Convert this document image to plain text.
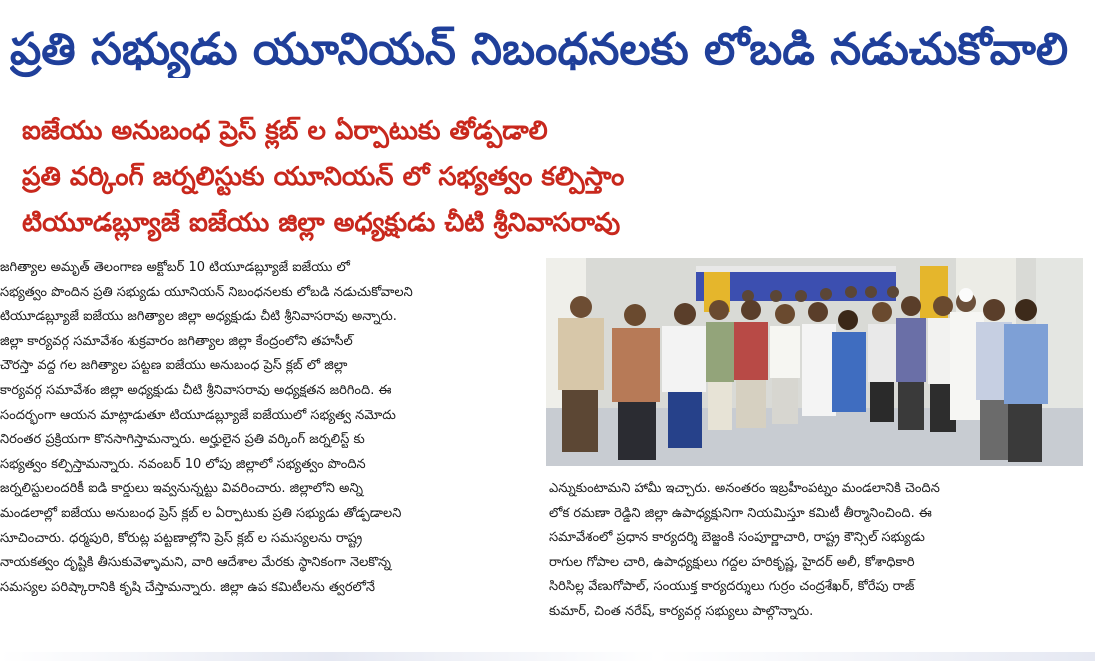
ప్రతి సభ్యుడు యూనియన్ నిబంధనలకు లోబడి నడుచుకోవాలి
ఐజేయు అనుబంధ ప్రెస్ క్లబ్ ల ఏర్పాటుకు తోడ్పడాలి
ప్రతి వర్కింగ్ జర్నలిస్టుకు యూనియన్ లో సభ్యత్వం కల్పిస్తాం
టియూడబ్ల్యూజే ఐజేయు జిల్లా అధ్యక్షుడు చీటి శ్రీనివాసరావు
జగిత్యాల అమృత్ తెలంగాణ అక్టోబర్ 10 టియూడబ్ల్యూజే ఐజేయు లో
సభ్యత్వం పొందిన ప్రతి సభ్యుడు యూనియన్ నిబంధనలకు లోబడి నడుచుకోవాలని
టియూడబ్ల్యూజే ఐజేయు జగిత్యాల జిల్లా అధ్యక్షుడు చీటి శ్రీనివాసరావు అన్నారు.
జిల్లా కార్యవర్గ సమావేశం శుక్రవారం జగిత్యాల జిల్లా కేంద్రంలోని తహసీల్
చౌరస్తా వద్ద గల జగిత్యాల పట్టణ ఐజేయు అనుబంధ ప్రెస్ క్లబ్ లో జిల్లా
కార్యవర్గ సమావేశం జిల్లా అధ్యక్షుడు చీటి శ్రీనివాసరావు అధ్యక్షతన జరిగింది. ఈ
సందర్భంగా ఆయన మాట్లాడుతూ టియూడబ్ల్యూజే ఐజేయులో సభ్యత్వ నమోదు
నిరంతర ప్రక్రియగా కొనసాగిస్తామన్నారు. అర్హులైన ప్రతి వర్కింగ్ జర్నలిస్ట్ కు
సభ్యత్వం కల్పిస్తామన్నారు. నవంబర్ 10 లోపు జిల్లాలో సభ్యత్వం పొందిన
జర్నలిస్టులందరికీ ఐడి కార్డులు ఇవ్వనున్నట్టు వివరించారు. జిల్లాలోని అన్ని
మండలాల్లో ఐజేయు అనుబంధ ప్రెస్ క్లబ్ ల ఏర్పాటుకు ప్రతి సభ్యుడు తోడ్పడాలని
సూచించారు. ధర్మపురి, కోరుట్ల పట్టణాల్లోని ప్రెస్ క్లబ్ ల సమస్యలను రాష్ట్ర
నాయకత్వం దృష్టికి తీసుకువెళ్ళామని, వారి ఆదేశాల మేరకు స్థానికంగా నెలకొన్న
సమస్యల పరిష్కారానికి కృషి చేస్తామన్నారు. జిల్లా ఉప కమిటీలను త్వరలోనే
ఎన్నుకుంటామని హామీ ఇచ్చారు. అనంతరం ఇబ్రహీంపట్నం మండలానికి చెందిన
లోక రమణా రెడ్డిని జిల్లా ఉపాధ్యక్షునిగా నియమిస్తూ కమిటీ తీర్మానించింది. ఈ
సమావేశంలో ప్రధాన కార్యదర్శి బెజ్జంకి సంపూర్ణాచారి, రాష్ట్ర కౌన్సిల్ సభ్యుడు
రాగుల గోపాల చారి, ఉపాధ్యక్షులు గద్దల హరికృష్ణ, హైదర్ అలీ, కోశాధికారి
సిరిసిల్ల వేణుగోపాల్, సంయుక్త కార్యదర్శులు గుర్రం చంద్రశేఖర్, కోరేపు రాజ్
కుమార్, చింత నరేష్, కార్యవర్గ సభ్యులు పాల్గొన్నారు.
